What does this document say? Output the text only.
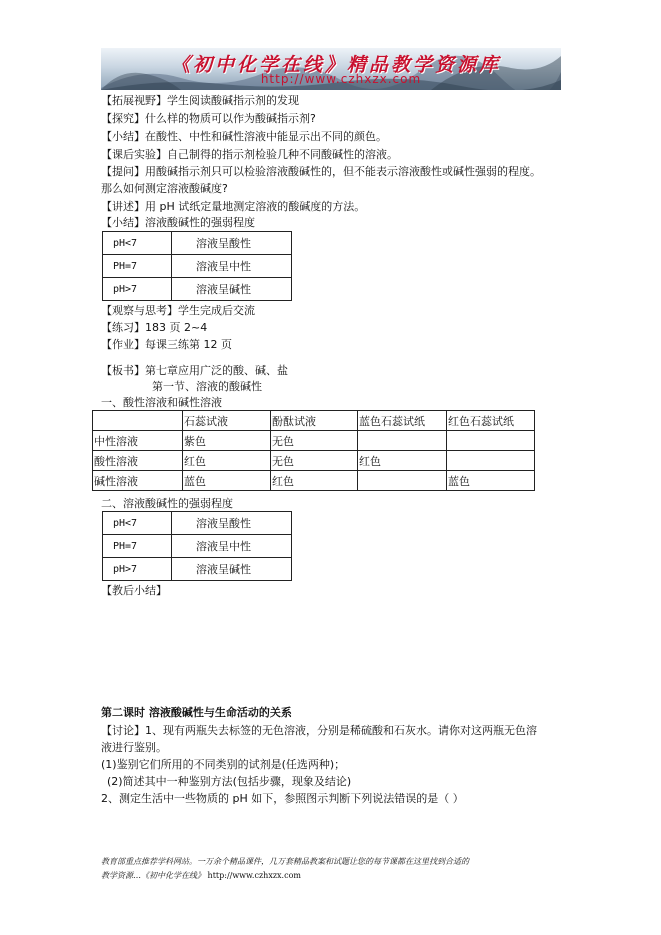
《初中化学在线》精品教学资源库
http://www.czhxzx.com
【拓展视野】学生阅读酸碱指示剂的发现
【探究】什么样的物质可以作为酸碱指示剂?
【小结】在酸性、中性和碱性溶液中能显示出不同的颜色。
【课后实验】自己制得的指示剂检验几种不同酸碱性的溶液。
【提问】用酸碱指示剂只可以检验溶液酸碱性的，但不能表示溶液酸性或碱性强弱的程度。
那么如何测定溶液酸碱度?
【讲述】用 pH 试纸定量地测定溶液的酸碱度的方法。
【小结】溶液酸碱性的强弱程度
pH<7	溶液呈酸性
PH=7	溶液呈中性
pH>7	溶液呈碱性
【观察与思考】学生完成后交流
【练习】183 页 2~4
【作业】每课三练第 12 页
【板书】第七章应用广泛的酸、碱、盐
第一节、溶液的酸碱性
一、酸性溶液和碱性溶液
	石蕊试液	酚酞试液	蓝色石蕊试纸	红色石蕊试纸
中性溶液	紫色	无色		
酸性溶液	红色	无色	红色	
碱性溶液	蓝色	红色		蓝色
二、溶液酸碱性的强弱程度
pH<7	溶液呈酸性
PH=7	溶液呈中性
pH>7	溶液呈碱性
【教后小结】
第二课时 溶液酸碱性与生命活动的关系
【讨论】1、现有两瓶失去标签的无色溶液，分别是稀硫酸和石灰水。请你对这两瓶无色溶
液进行鉴别。
(1)鉴别它们所用的不同类别的试剂是(任选两种)；
(2)简述其中一种鉴别方法(包括步骤，现象及结论)
2、测定生活中一些物质的 pH 如下，参照图示判断下列说法错误的是（ ）
教育部重点推荐学科网站。一万余个精品课件，几万套精品教案和试题让您的每节课都在这里找到合适的
教学资源…《初中化学在线》 http://www.czhxzx.com
